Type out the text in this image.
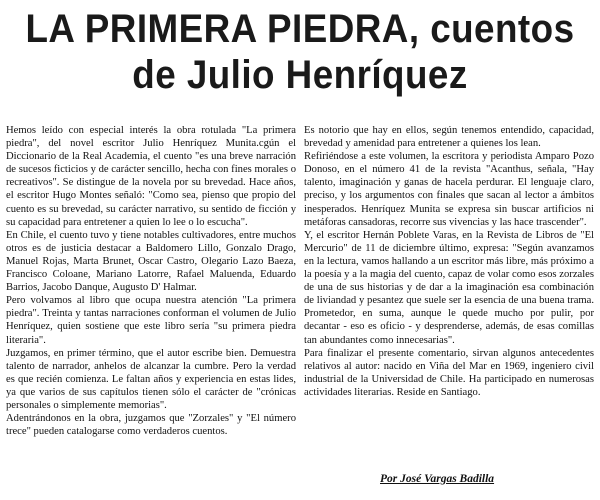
LA PRIMERA PIEDRA, cuentos
de Julio Henríquez

Hemos leído con especial interés la obra rotulada "La primera piedra", del novel escritor Julio Henríquez Munita.cgún el Diccionario de la Real Academia, el cuento "es una breve narración de sucesos ficticios y de carácter sencillo, hecha con fines morales o recreativos". Se distingue de la novela por su brevedad. Hace años, el escritor Hugo Montes señaló: "Como sea, pienso que propio del cuento es su brevedad, su carácter narrativo, su sentido de ficción y su capacidad para entretener a quien lo lee o lo escucha".

En Chile, el cuento tuvo y tiene notables cultivadores, entre muchos otros es de justicia destacar a Baldomero Lillo, Gonzalo Drago, Manuel Rojas, Marta Brunet, Oscar Castro, Olegario Lazo Baeza, Francisco Coloane, Mariano Latorre, Rafael Maluenda, Eduardo Barrios, Jacobo Danque, Augusto D' Halmar.

Pero volvamos al libro que ocupa nuestra atención "La primera piedra". Treinta y tantas narraciones conforman el volumen de Julio Henríquez, quien sostiene que este libro sería "su primera piedra literaria".

Juzgamos, en primer término, que el autor escribe bien. Demuestra talento de narrador, anhelos de alcanzar la cumbre. Pero la verdad es que recién comienza. Le faltan años y experiencia en estas lides, ya que varios de sus capítulos tienen sólo el carácter de "crónicas personales o simplemente memorias".

Adentrándonos en la obra, juzgamos que "Zorzales" y "El número trece" pueden catalogarse como verdaderos cuentos.

Es notorio que hay en ellos, según tenemos entendido, capacidad, brevedad y amenidad para entretener a quienes los lean.

Refiriéndose a este volumen, la escritora y periodista Amparo Pozo Donoso, en el número 41 de la revista "Acanthus, señala, "Hay talento, imaginación y ganas de hacela perdurar. El lenguaje claro, preciso, y los argumentos con finales que sacan al lector a ámbitos inesperados. Henríquez Munita se expresa sin buscar artificios ni metáforas cansadoras, recorre sus vivencias y las hace trascender".

Y, el escritor Hernán Poblete Varas, en la Revista de Libros de "El Mercurio" de 11 de diciembre último, expresa: "Según avanzamos en la lectura, vamos hallando a un escritor más libre, más próximo a la poesía y a la magia del cuento, capaz de volar como esos zorzales de una de sus historias y de dar a la imaginación esa combinación de liviandad y pesantez que suele ser la esencia de una buena trama. Prometedor, en suma, aunque le quede mucho por pulir, por decantar - eso es oficio - y desprenderse, además, de esas comillas tan abundantes como innecesarias".

Para finalizar el presente comentario, sirvan algunos antecedentes relativos al autor: nacido en Viña del Mar en 1969, ingeniero civil industrial de la Universidad de Chile. Ha participado en numerosas actividades literarias. Reside en Santiago.

Por José Vargas Badilla
